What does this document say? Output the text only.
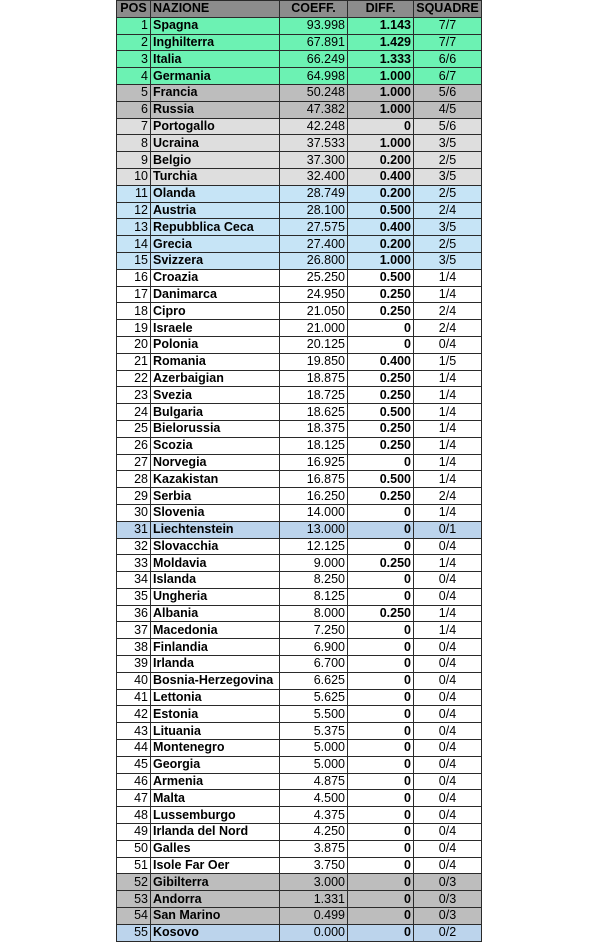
POS	NAZIONE	COEFF.	DIFF.	SQUADRE
1	Spagna	93.998	1.143	7/7
2	Inghilterra	67.891	1.429	7/7
3	Italia	66.249	1.333	6/6
4	Germania	64.998	1.000	6/7
5	Francia	50.248	1.000	5/6
6	Russia	47.382	1.000	4/5
7	Portogallo	42.248	0	5/6
8	Ucraina	37.533	1.000	3/5
9	Belgio	37.300	0.200	2/5
10	Turchia	32.400	0.400	3/5
11	Olanda	28.749	0.200	2/5
12	Austria	28.100	0.500	2/4
13	Repubblica Ceca	27.575	0.400	3/5
14	Grecia	27.400	0.200	2/5
15	Svizzera	26.800	1.000	3/5
16	Croazia	25.250	0.500	1/4
17	Danimarca	24.950	0.250	1/4
18	Cipro	21.050	0.250	2/4
19	Israele	21.000	0	2/4
20	Polonia	20.125	0	0/4
21	Romania	19.850	0.400	1/5
22	Azerbaigian	18.875	0.250	1/4
23	Svezia	18.725	0.250	1/4
24	Bulgaria	18.625	0.500	1/4
25	Bielorussia	18.375	0.250	1/4
26	Scozia	18.125	0.250	1/4
27	Norvegia	16.925	0	1/4
28	Kazakistan	16.875	0.500	1/4
29	Serbia	16.250	0.250	2/4
30	Slovenia	14.000	0	1/4
31	Liechtenstein	13.000	0	0/1
32	Slovacchia	12.125	0	0/4
33	Moldavia	9.000	0.250	1/4
34	Islanda	8.250	0	0/4
35	Ungheria	8.125	0	0/4
36	Albania	8.000	0.250	1/4
37	Macedonia	7.250	0	1/4
38	Finlandia	6.900	0	0/4
39	Irlanda	6.700	0	0/4
40	Bosnia-Herzegovina	6.625	0	0/4
41	Lettonia	5.625	0	0/4
42	Estonia	5.500	0	0/4
43	Lituania	5.375	0	0/4
44	Montenegro	5.000	0	0/4
45	Georgia	5.000	0	0/4
46	Armenia	4.875	0	0/4
47	Malta	4.500	0	0/4
48	Lussemburgo	4.375	0	0/4
49	Irlanda del Nord	4.250	0	0/4
50	Galles	3.875	0	0/4
51	Isole Far Oer	3.750	0	0/4
52	Gibilterra	3.000	0	0/3
53	Andorra	1.331	0	0/3
54	San Marino	0.499	0	0/3
55	Kosovo	0.000	0	0/2
